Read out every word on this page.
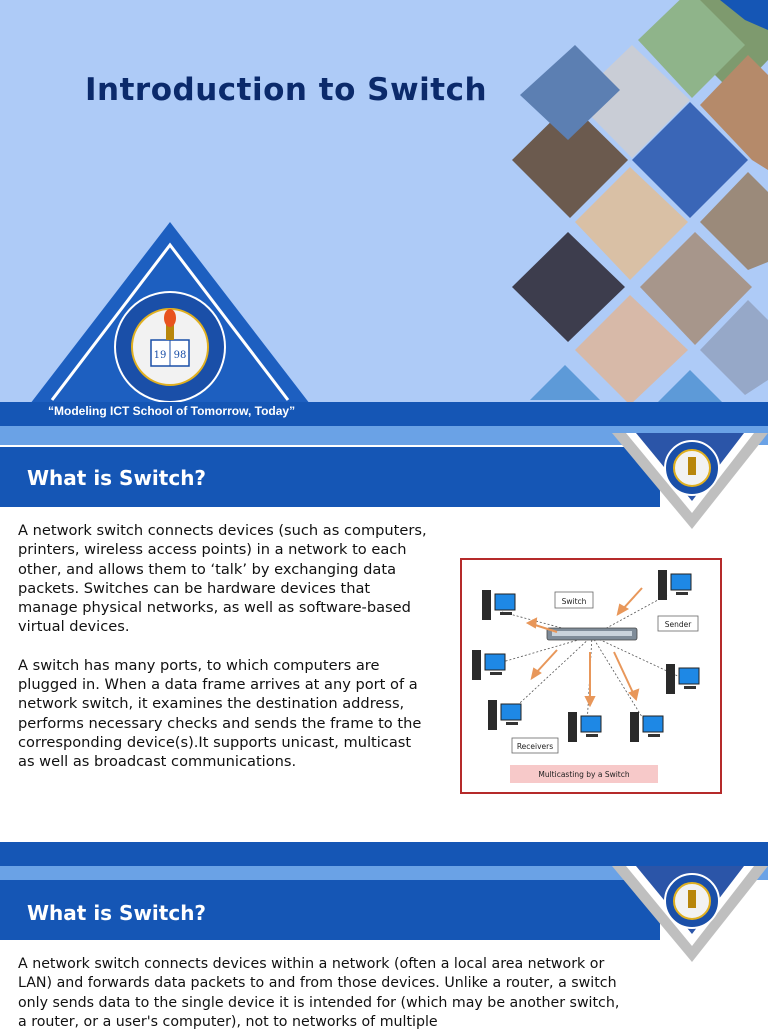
19 98
Introduction to Switch
“Modeling ICT School of Tomorrow, Today”
What is Switch?

A network switch connects devices (such as computers, printers, wireless access points) in a network to each other, and allows them to ‘talk’ by exchanging data packets. Switches can be hardware devices that manage physical networks, as well as software-based virtual devices.

A switch has many ports, to which computers are plugged in. When a data frame arrives at any port of a network switch, it examines the destination address, performs necessary checks and sends the frame to the corresponding device(s).It supports unicast, multicast as well as broadcast communications.

Switch
Sender
Receivers
Multicasting by a Switch
What is Switch?

A network switch connects devices within a network (often a local area network or LAN) and forwards data packets to and from those devices. Unlike a router, a switch only sends data to the single device it is intended for (which may be another switch, a router, or a user's computer), not to networks of multiple
